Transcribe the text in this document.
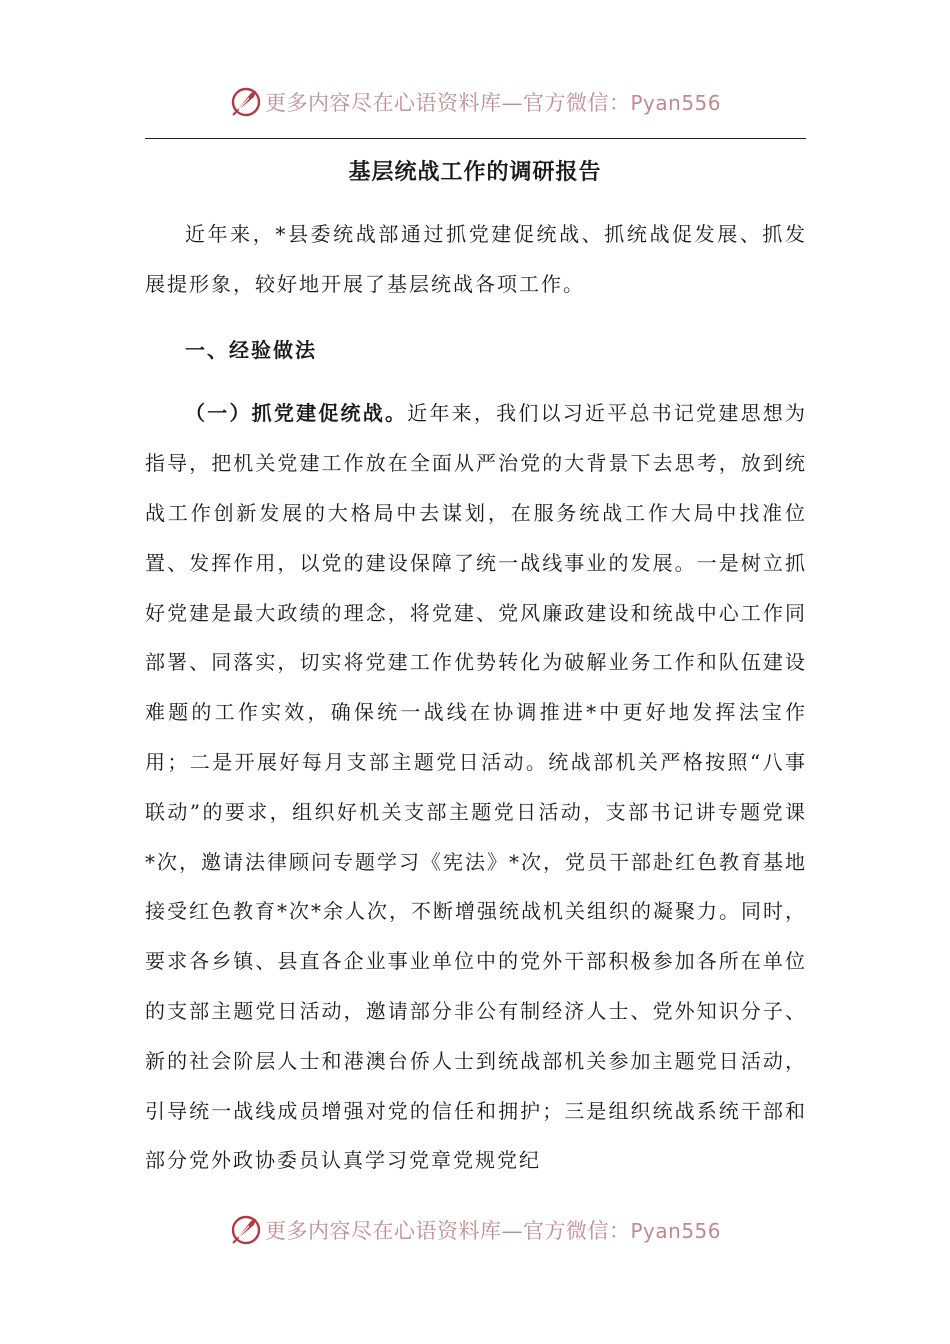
更多内容尽在心语资料库—官方微信：Pyan556
基层统战工作的调研报告

近年来，*县委统战部通过抓党建促统战、抓统战促发展、抓发展提形象，较好地开展了基层统战各项工作。

一、经验做法

（一）抓党建促统战。近年来，我们以习近平总书记党建思想为指导，把机关党建工作放在全面从严治党的大背景下去思考，放到统战工作创新发展的大格局中去谋划，在服务统战工作大局中找准位置、发挥作用，以党的建设保障了统一战线事业的发展。一是树立抓好党建是最大政绩的理念，将党建、党风廉政建设和统战中心工作同部署、同落实，切实将党建工作优势转化为破解业务工作和队伍建设难题的工作实效，确保统一战线在协调推进*中更好地发挥法宝作用；二是开展好每月支部主题党日活动。统战部机关严格按照“八事联动”的要求，组织好机关支部主题党日活动，支部书记讲专题党课*次，邀请法律顾问专题学习《宪法》*次，党员干部赴红色教育基地接受红色教育*次*余人次，不断增强统战机关组织的凝聚力。同时，要求各乡镇、县直各企业事业单位中的党外干部积极参加各所在单位的支部主题党日活动，邀请部分非公有制经济人士、党外知识分子、新的社会阶层人士和港澳台侨人士到统战部机关参加主题党日活动，引导统一战线成员增强对党的信任和拥护；三是组织统战系统干部和部分党外政协委员认真学习党章党规党纪

更多内容尽在心语资料库—官方微信：Pyan556
